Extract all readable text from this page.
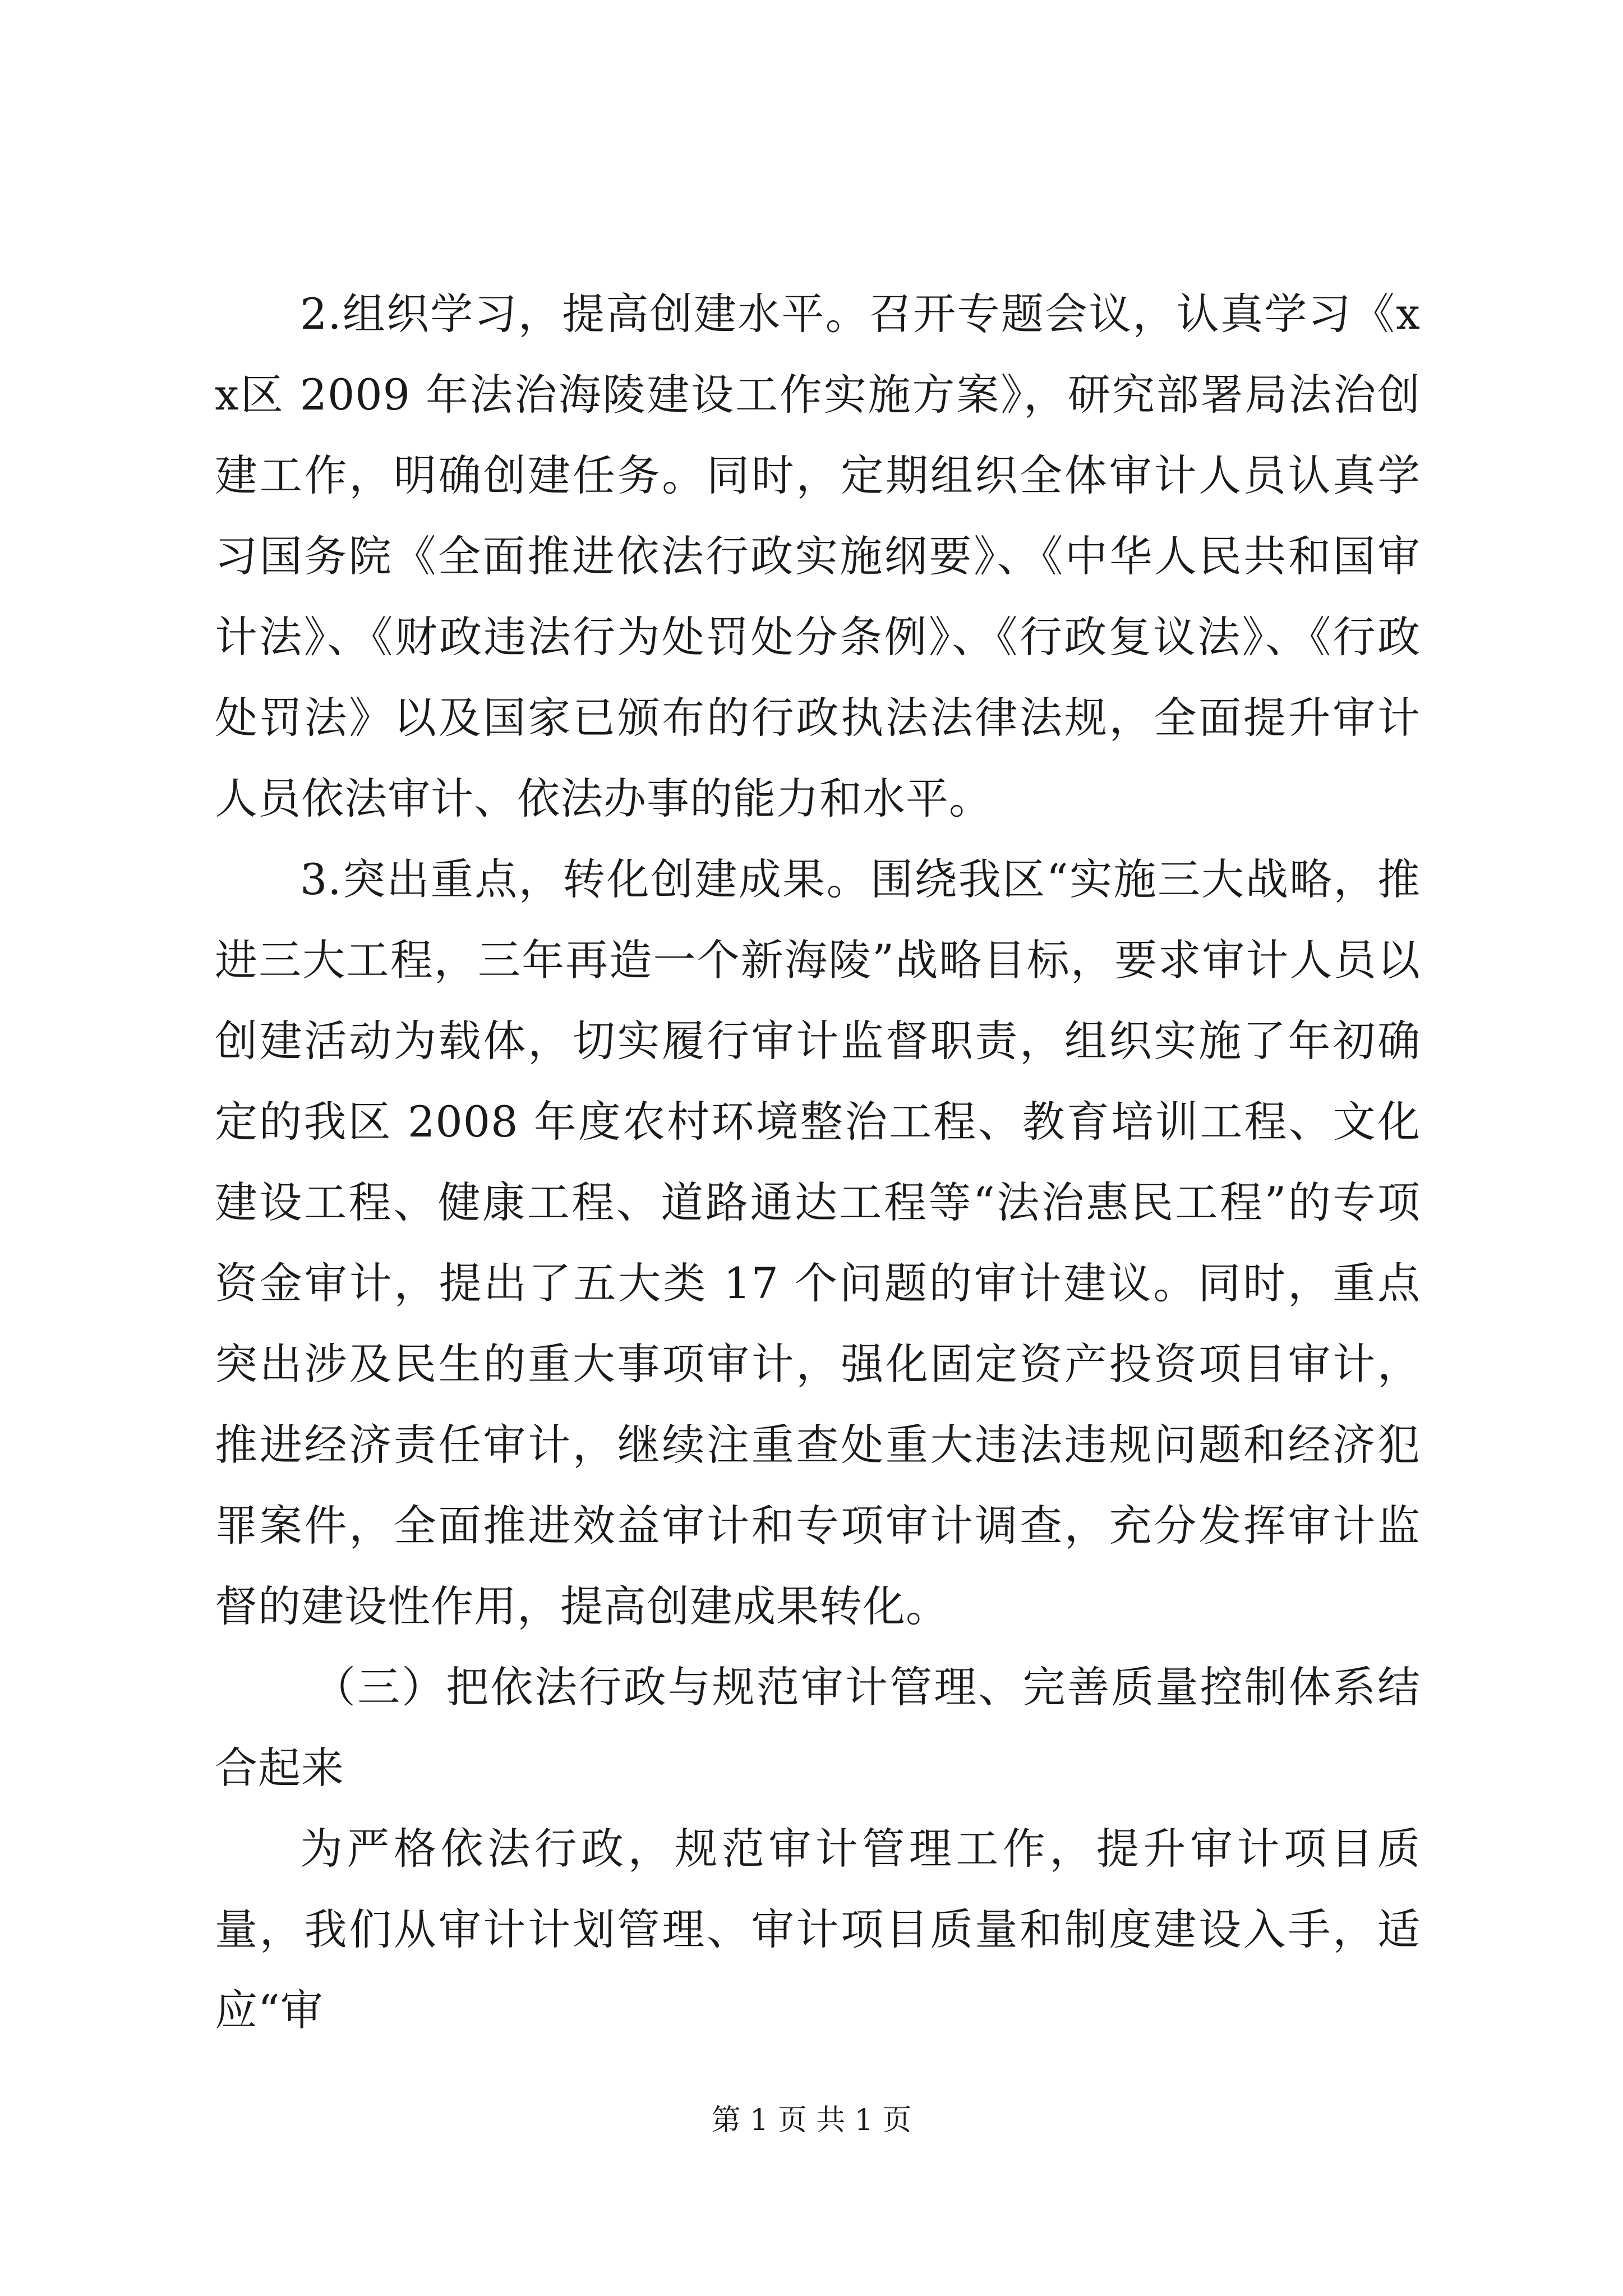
2.组织学习，提高创建水平。召开专题会议，认真学习《xx区 2009 年法治海陵建设工作实施方案》，研究部署局法治创建工作，明确创建任务。同时，定期组织全体审计人员认真学习国务院《全面推进依法行政实施纲要》、《中华人民共和国审计法》、《财政违法行为处罚处分条例》、《行政复议法》、《行政处罚法》以及国家已颁布的行政执法法律法规，全面提升审计人员依法审计、依法办事的能力和水平。

3.突出重点，转化创建成果。围绕我区“实施三大战略，推进三大工程，三年再造一个新海陵”战略目标，要求审计人员以创建活动为载体，切实履行审计监督职责，组织实施了年初确定的我区 2008 年度农村环境整治工程、教育培训工程、文化建设工程、健康工程、道路通达工程等“法治惠民工程”的专项资金审计，提出了五大类 17 个问题的审计建议。同时，重点突出涉及民生的重大事项审计，强化固定资产投资项目审计，推进经济责任审计，继续注重查处重大违法违规问题和经济犯罪案件，全面推进效益审计和专项审计调查，充分发挥审计监督的建设性作用，提高创建成果转化。

（三）把依法行政与规范审计管理、完善质量控制体系结合起来

为严格依法行政，规范审计管理工作，提升审计项目质量，我们从审计计划管理、审计项目质量和制度建设入手，适应“审

第 1 页 共 1 页
